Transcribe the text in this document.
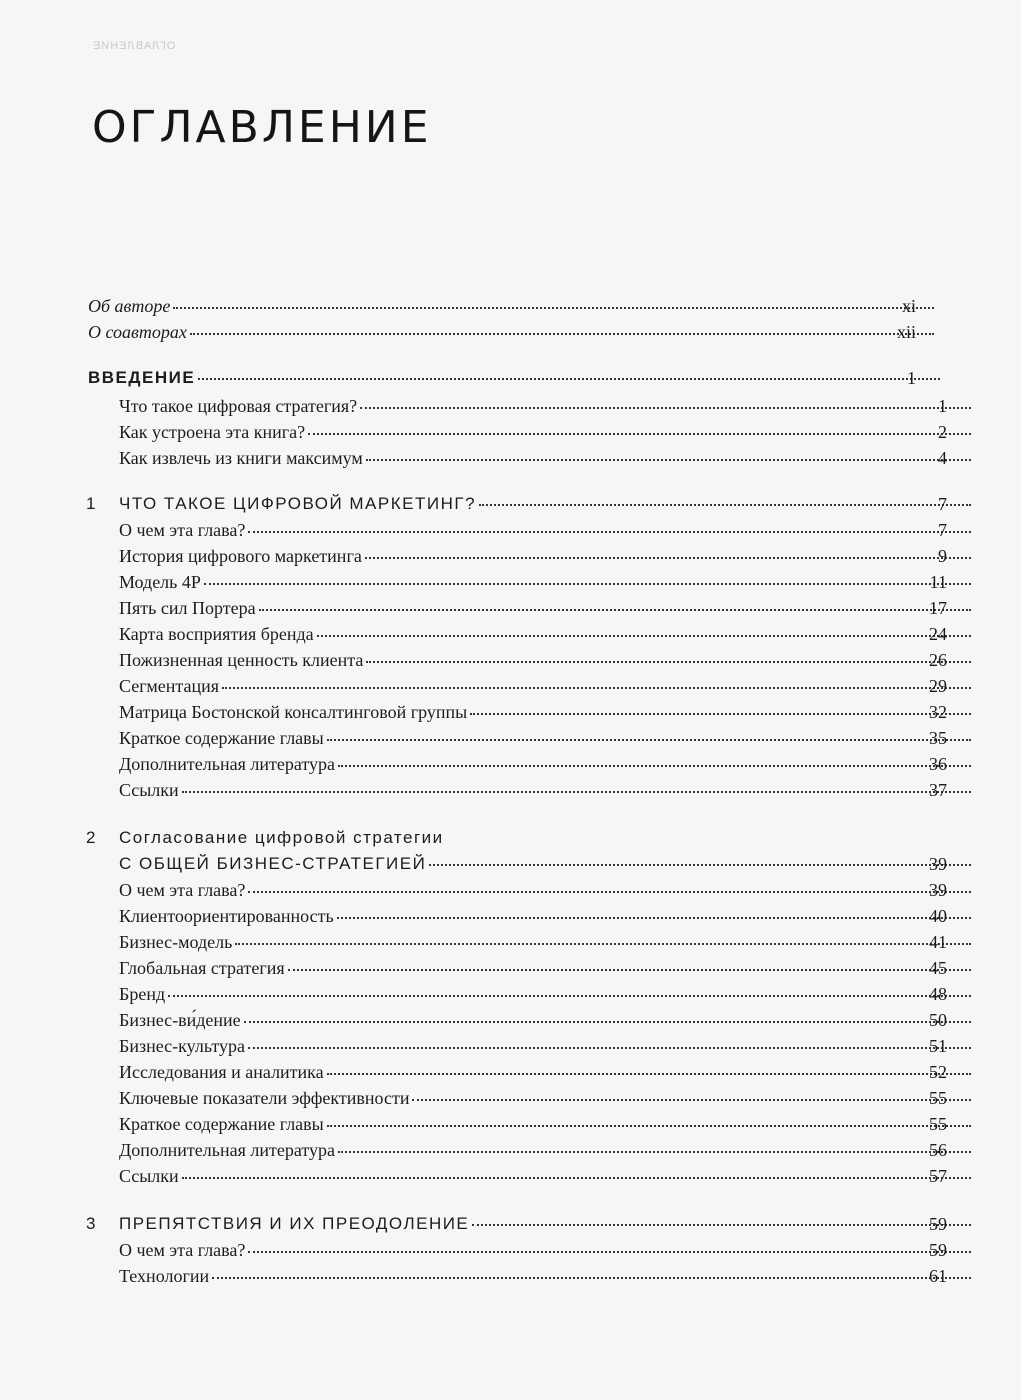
ОГЛАВЛЕНИЕ
ОГЛАВЛЕНИЕ
Об авторе	xi
О соавторах	xii
ВВЕДЕНИЕ	1
Что такое цифровая стратегия?	1
Как устроена эта книга?	2
Как извлечь из книги максимум	4
1 ЧТО ТАКОЕ ЦИФРОВОЙ МАРКЕТИНГ?	7
О чем эта глава?	7
История цифрового маркетинга	9
Модель 4Р	11
Пять сил Портера	17
Карта восприятия бренда	24
Пожизненная ценность клиента	26
Сегментация	29
Матрица Бостонской консалтинговой группы	32
Краткое содержание главы	35
Дополнительная литература	36
Ссылки	37
2 Согласование цифровой стратегии
С ОБЩЕЙ БИЗНЕС-СТРАТЕГИЕЙ	39
О чем эта глава?	39
Клиентоориентированность	40
Бизнес-модель	41
Глобальная стратегия	45
Бренд	48
Бизнес-ви́дение	50
Бизнес-культура	51
Исследования и аналитика	52
Ключевые показатели эффективности	55
Краткое содержание главы	55
Дополнительная литература	56
Ссылки	57
3 ПРЕПЯТСТВИЯ И ИХ ПРЕОДОЛЕНИЕ	59
О чем эта глава?	59
Технологии	61
